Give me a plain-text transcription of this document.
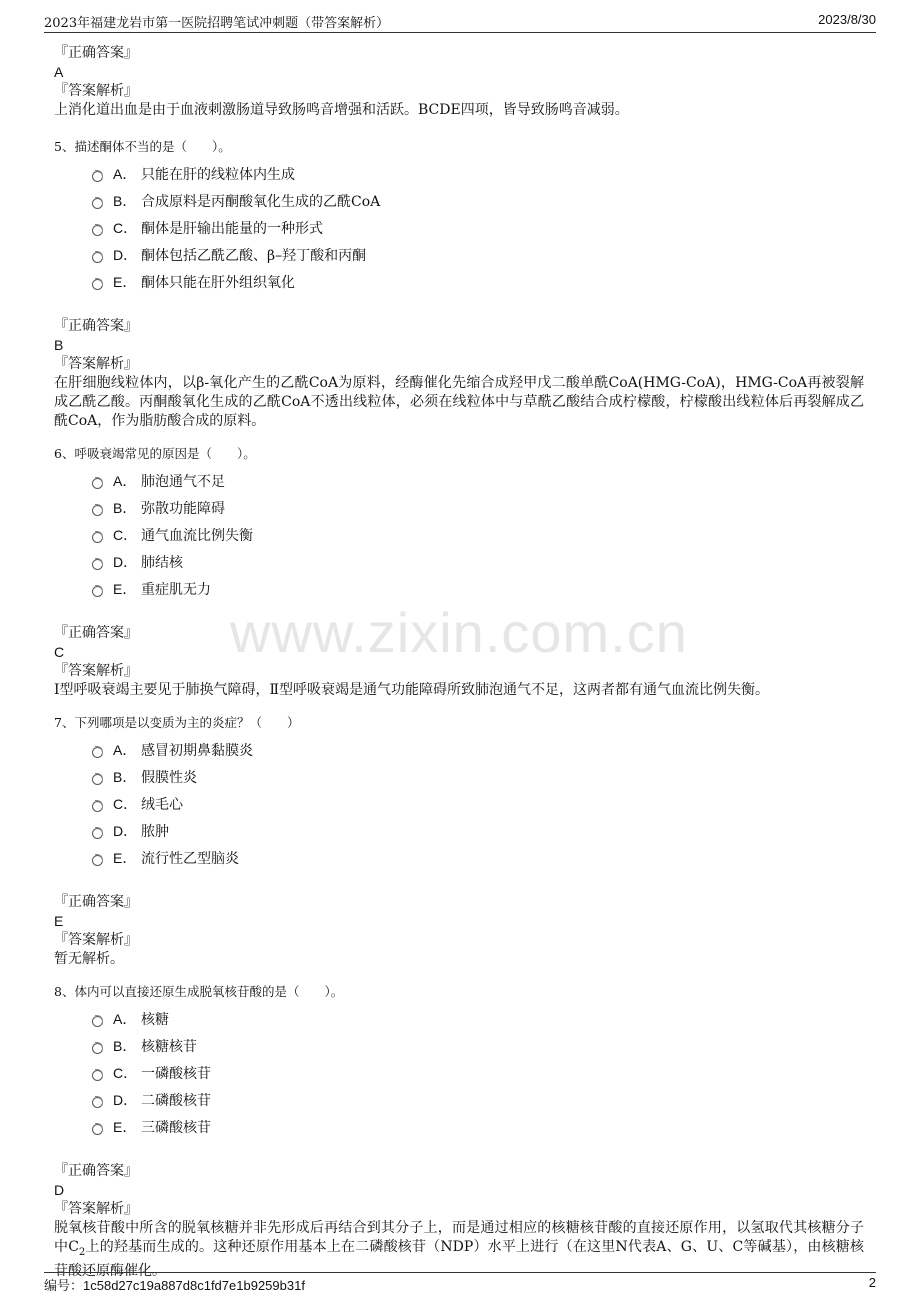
2023年福建龙岩市第一医院招聘笔试冲刺题（带答案解析）	2023/8/30
www.zixin.com.cn
『正确答案』
A
『答案解析』
上消化道出血是由于血液刺激肠道导致肠鸣音增强和活跃。BCDE四项，皆导致肠鸣音减弱。
5、描述酮体不当的是（　　）。
A． 只能在肝的线粒体内生成
B． 合成原料是丙酮酸氧化生成的乙酰CoA
C． 酮体是肝输出能量的一种形式
D． 酮体包括乙酰乙酸、β–羟丁酸和丙酮
E． 酮体只能在肝外组织氧化
『正确答案』
B
『答案解析』
在肝细胞线粒体内，以β-氧化产生的乙酰CoA为原料，经酶催化先缩合成羟甲戊二酸单酰CoA(HMG-CoA)，HMG-CoA再被裂解成乙酰乙酸。丙酮酸氧化生成的乙酰CoA不透出线粒体，必须在线粒体中与草酰乙酸结合成柠檬酸，柠檬酸出线粒体后再裂解成乙酰CoA，作为脂肪酸合成的原料。
6、呼吸衰竭常见的原因是（　　）。
A． 肺泡通气不足
B． 弥散功能障碍
C． 通气血流比例失衡
D． 肺结核
E． 重症肌无力
『正确答案』
C
『答案解析』
Ⅰ型呼吸衰竭主要见于肺换气障碍，Ⅱ型呼吸衰竭是通气功能障碍所致肺泡通气不足，这两者都有通气血流比例失衡。
7、下列哪项是以变质为主的炎症？（　　）
A． 感冒初期鼻黏膜炎
B． 假膜性炎
C． 绒毛心
D． 脓肿
E． 流行性乙型脑炎
『正确答案』
E
『答案解析』
暂无解析。
8、体内可以直接还原生成脱氧核苷酸的是（　　）。
A． 核糖
B． 核糖核苷
C． 一磷酸核苷
D． 二磷酸核苷
E． 三磷酸核苷
『正确答案』
D
『答案解析』
脱氧核苷酸中所含的脱氧核糖并非先形成后再结合到其分子上，而是通过相应的核糖核苷酸的直接还原作用，以氢取代其核糖分子中$C_2$上的羟基而生成的。这种还原作用基本上在二磷酸核苷（NDP）水平上进行（在这里N代表A、G、U、C等碱基），由核糖核苷酸还原酶催化。
编号：1c58d27c19a887d8c1fd7e1b9259b31f	2
